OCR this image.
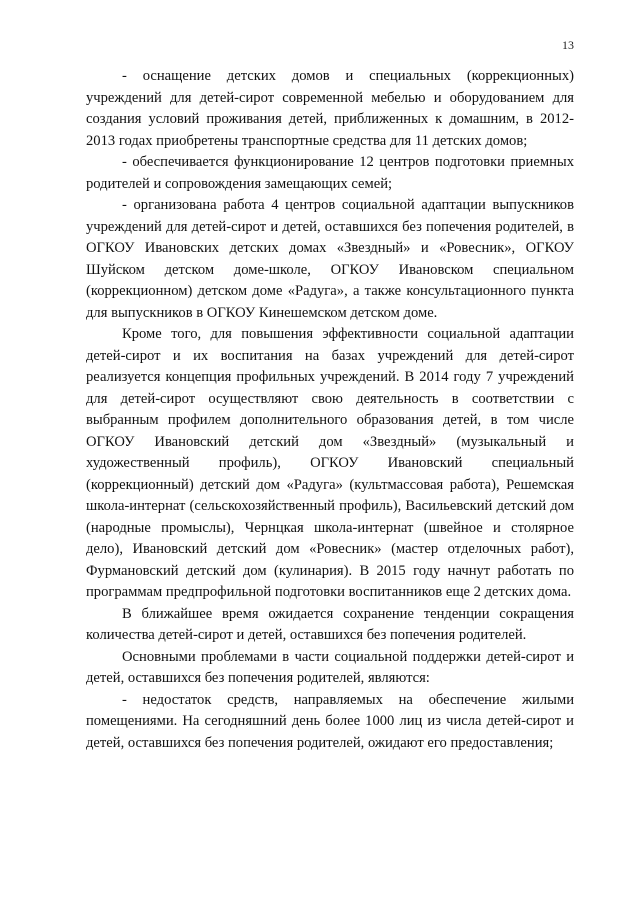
13

- оснащение детских домов и специальных (коррекционных) учреждений для детей-сирот современной мебелью и оборудованием для создания условий проживания детей, приближенных к домашним, в 2012-2013 годах приобретены транспортные средства для 11 детских домов;

- обеспечивается функционирование 12 центров подготовки приемных родителей и сопровождения замещающих семей;

- организована работа 4 центров социальной адаптации выпускников учреждений для детей-сирот и детей, оставшихся без попечения родителей, в ОГКОУ Ивановских детских домах «Звездный» и «Ровесник», ОГКОУ Шуйском детском доме-школе, ОГКОУ Ивановском специальном (коррекционном) детском доме «Радуга», а также консультационного пункта для выпускников в ОГКОУ Кинешемском детском доме.

Кроме того, для повышения эффективности социальной адаптации детей-сирот и их воспитания на базах учреждений для детей-сирот реализуется концепция профильных учреждений. В 2014 году 7 учреждений для детей-сирот осуществляют свою деятельность в соответствии с выбранным профилем дополнительного образования детей, в том числе ОГКОУ Ивановский детский дом «Звездный» (музыкальный и художественный профиль), ОГКОУ Ивановский специальный (коррекционный) детский дом «Радуга» (культмассовая работа), Решемская школа-интернат (сельскохозяйственный профиль), Васильевский детский дом (народные промыслы), Чернцкая школа-интернат (швейное и столярное дело), Ивановский детский дом «Ровесник» (мастер отделочных работ), Фурмановский детский дом (кулинария). В 2015 году начнут работать по программам предпрофильной подготовки воспитанников еще 2 детских дома.

В ближайшее время ожидается сохранение тенденции сокращения количества детей-сирот и детей, оставшихся без попечения родителей.

Основными проблемами в части социальной поддержки детей-сирот и детей, оставшихся без попечения родителей, являются:

- недостаток средств, направляемых на обеспечение жилыми помещениями. На сегодняшний день более 1000 лиц из числа детей-сирот и детей, оставшихся без попечения родителей, ожидают его предоставления;
